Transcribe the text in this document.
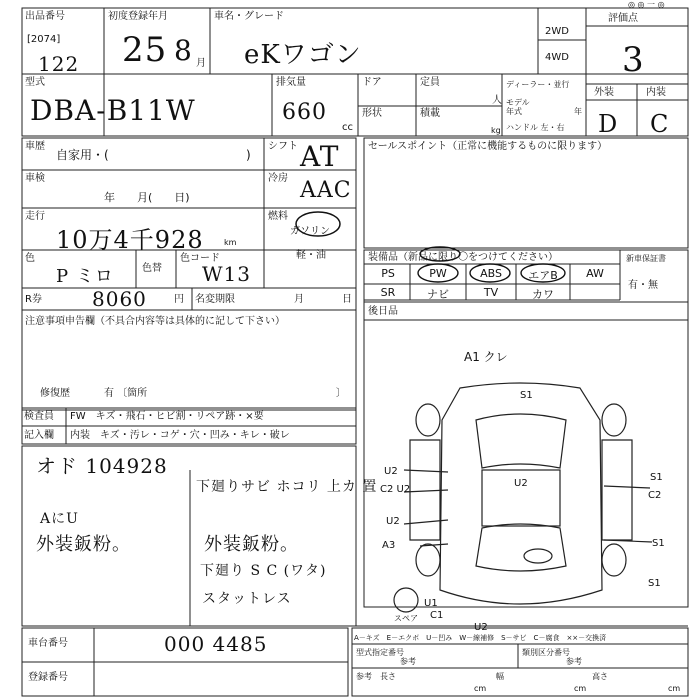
出品番号
[2074]
122
初度登録年月
25 8 月
車名・グレード
eKワゴン
2WD
4WD
評価点
◎ ◎ 一 ◎
3
型式
DBA-B11W
排気量
660
cc
ドア	定員
人
形状	積載
kg
ディーラー・並行
モデル
年式	年
ハンドル 左・右
外装	内装
D C
車歴
自家用・(	)
シフト AT
車検
年　　月(　　日)
冷房 AAC
走行
10万4千928	km
燃料
ガソリン
軽・油
色
P ミロ	色替
色コード
W13
R券	8060	円 名変期限	月	日
注意事項申告欄（不具合内容等は具体的に記して下さい）
修復歴	有 〔箇所	〕
セールスポイント（正常に機能するものに限ります）
装備品（新品に限り〇をつけてください）	新車保証書
有・無
PS	PW	ABS	エアB	AW
SR	ナビ	TV	カワ
後日品
検査員
記入欄
FW　キズ・飛石・ヒビ割・リペア跡・×要
内装　キズ・汚レ・コゲ・穴・凹み・キレ・破レ
オド 104928
下廻りサビ ホコリ 上カ 置
AにU
外装鈑粉。	外装鈑粉。
下廻り S C (ワタ)
スタットレス
A1 クレ
S1
U2
C2 U2
U2
A3
U2
S1
C2
S1
S1
U1
C1
U2
スペア
車台番号	000 4485
登録番号
A－キズ　E－エクボ　U－凹み　W－線補修　S－サビ　C－腐食　××－交換済
型式指定番号
参考
類別区分番号
参考
参考 長さ
cm
幅
cm
高さ
cm
